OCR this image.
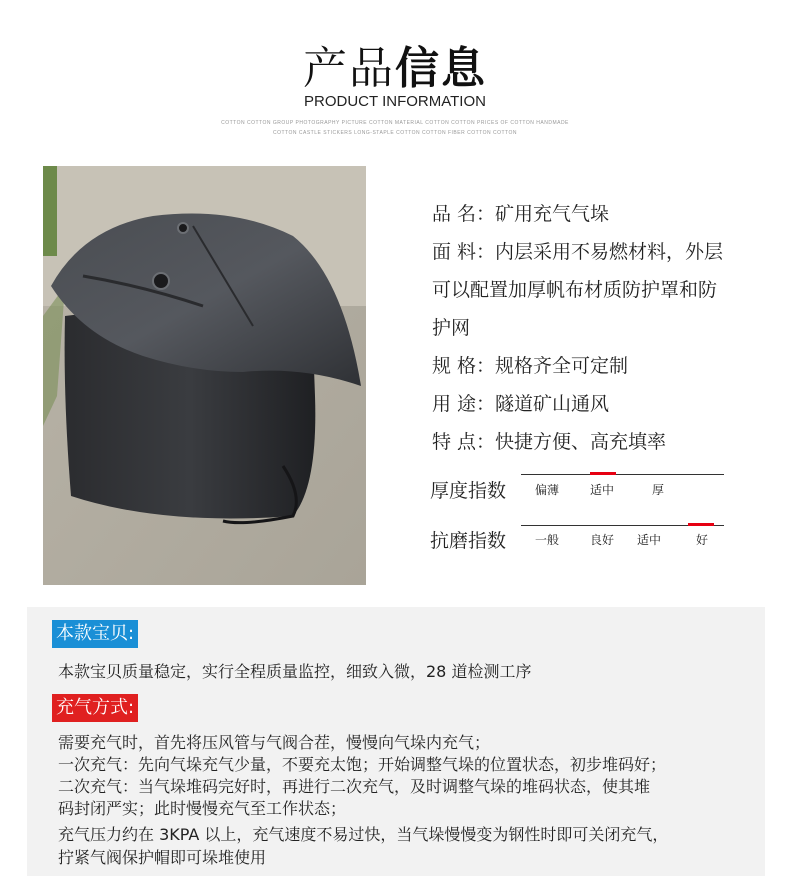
产品信息
PRODUCT INFORMATION
COTTON COTTON GROUP PHOTOGRAPHY PICTURE COTTON MATERIAL COTTON COTTON PRICES OF COTTON HANDMADE
COTTON CASTLE STICKERS LONG-STAPLE COTTON COTTON FIBER COTTON COTTON
品 名：矿用充气气垛
面 料：内层采用不易燃材料，外层
可以配置加厚帆布材质防护罩和防
护网
规 格：规格齐全可定制
用 途：隧道矿山通风
特 点：快捷方便、高充填率
厚度指数 偏薄	适中	厚
抗磨指数 一般	良好 适中	好
本款宝贝:
本款宝贝质量稳定，实行全程质量监控，细致入微，28 道检测工序
充气方式:
需要充气时，首先将压风管与气阀合茬，慢慢向气垛内充气；
一次充气：先向气垛充气少量，不要充太饱；开始调整气垛的位置状态，初步堆码好；
二次充气：当气垛堆码完好时，再进行二次充气，及时调整气垛的堆码状态，使其堆
码封闭严实；此时慢慢充气至工作状态；
充气压力约在 3KPA 以上，充气速度不易过快，当气垛慢慢变为钢性时即可关闭充气，
拧紧气阀保护帽即可垛堆使用
